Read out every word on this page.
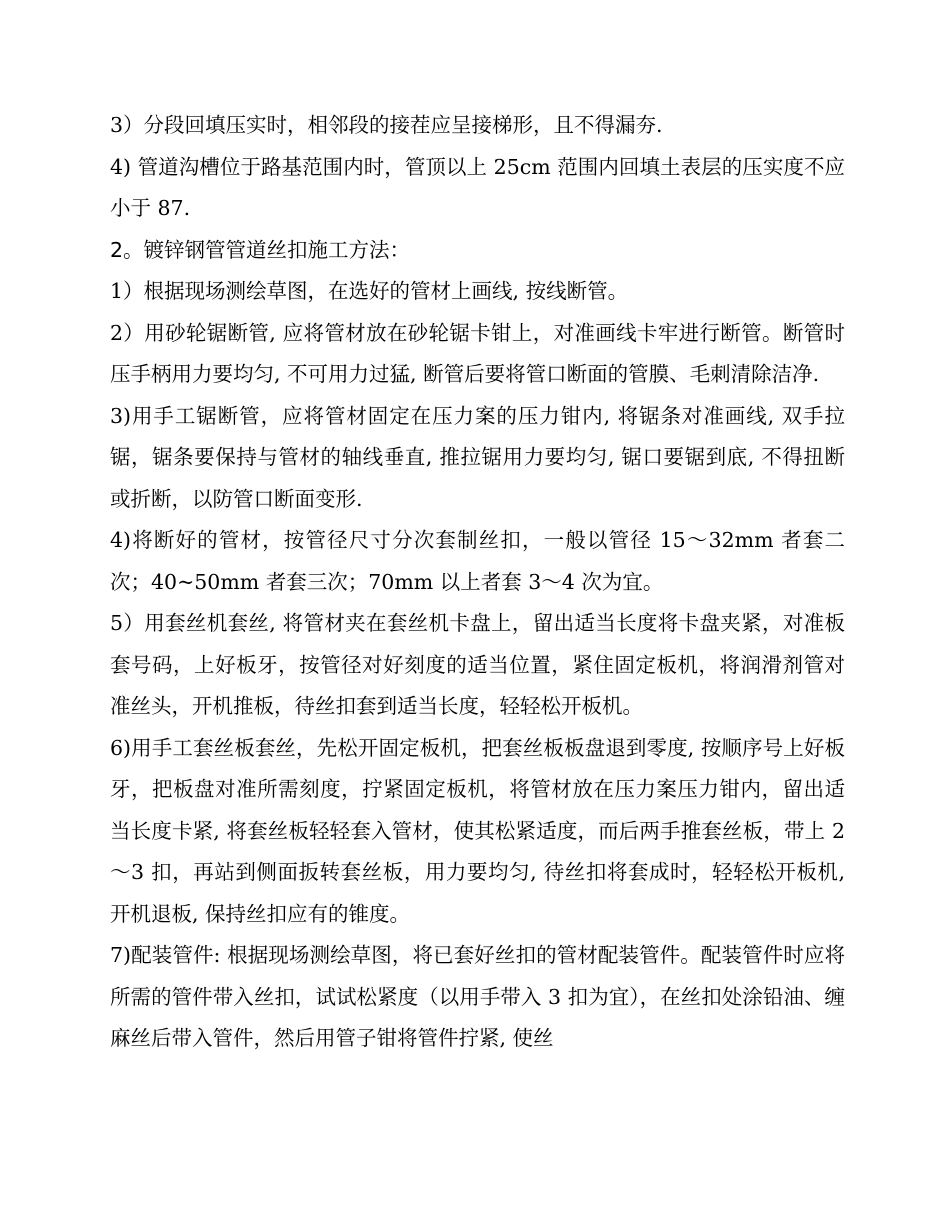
3）分段回填压实时，相邻段的接茬应呈接梯形，且不得漏夯.

4) 管道沟槽位于路基范围内时，管顶以上 25cm 范围内回填土表层的压实度不应小于 87.

2。镀锌钢管管道丝扣施工方法：

1）根据现场测绘草图，在选好的管材上画线, 按线断管。

2）用砂轮锯断管, 应将管材放在砂轮锯卡钳上，对准画线卡牢进行断管。断管时压手柄用力要均匀, 不可用力过猛, 断管后要将管口断面的管膜、毛刺清除洁净.

3)用手工锯断管，应将管材固定在压力案的压力钳内, 将锯条对准画线, 双手拉锯，锯条要保持与管材的轴线垂直, 推拉锯用力要均匀, 锯口要锯到底, 不得扭断或折断，以防管口断面变形.

4)将断好的管材，按管径尺寸分次套制丝扣，一般以管径 15～32mm 者套二次；40~50mm 者套三次；70mm 以上者套 3～4 次为宜。

5）用套丝机套丝, 将管材夹在套丝机卡盘上，留出适当长度将卡盘夹紧，对准板套号码，上好板牙，按管径对好刻度的适当位置，紧住固定板机，将润滑剂管对准丝头，开机推板，待丝扣套到适当长度，轻轻松开板机。

6)用手工套丝板套丝，先松开固定板机，把套丝板板盘退到零度, 按顺序号上好板牙，把板盘对准所需刻度，拧紧固定板机，将管材放在压力案压力钳内，留出适当长度卡紧, 将套丝板轻轻套入管材，使其松紧适度，而后两手推套丝板，带上 2～3 扣，再站到侧面扳转套丝板，用力要均匀, 待丝扣将套成时，轻轻松开板机, 开机退板, 保持丝扣应有的锥度。

7)配装管件: 根据现场测绘草图，将已套好丝扣的管材配装管件。配装管件时应将所需的管件带入丝扣，试试松紧度（以用手带入 3 扣为宜），在丝扣处涂铅油、缠麻丝后带入管件，然后用管子钳将管件拧紧, 使丝
